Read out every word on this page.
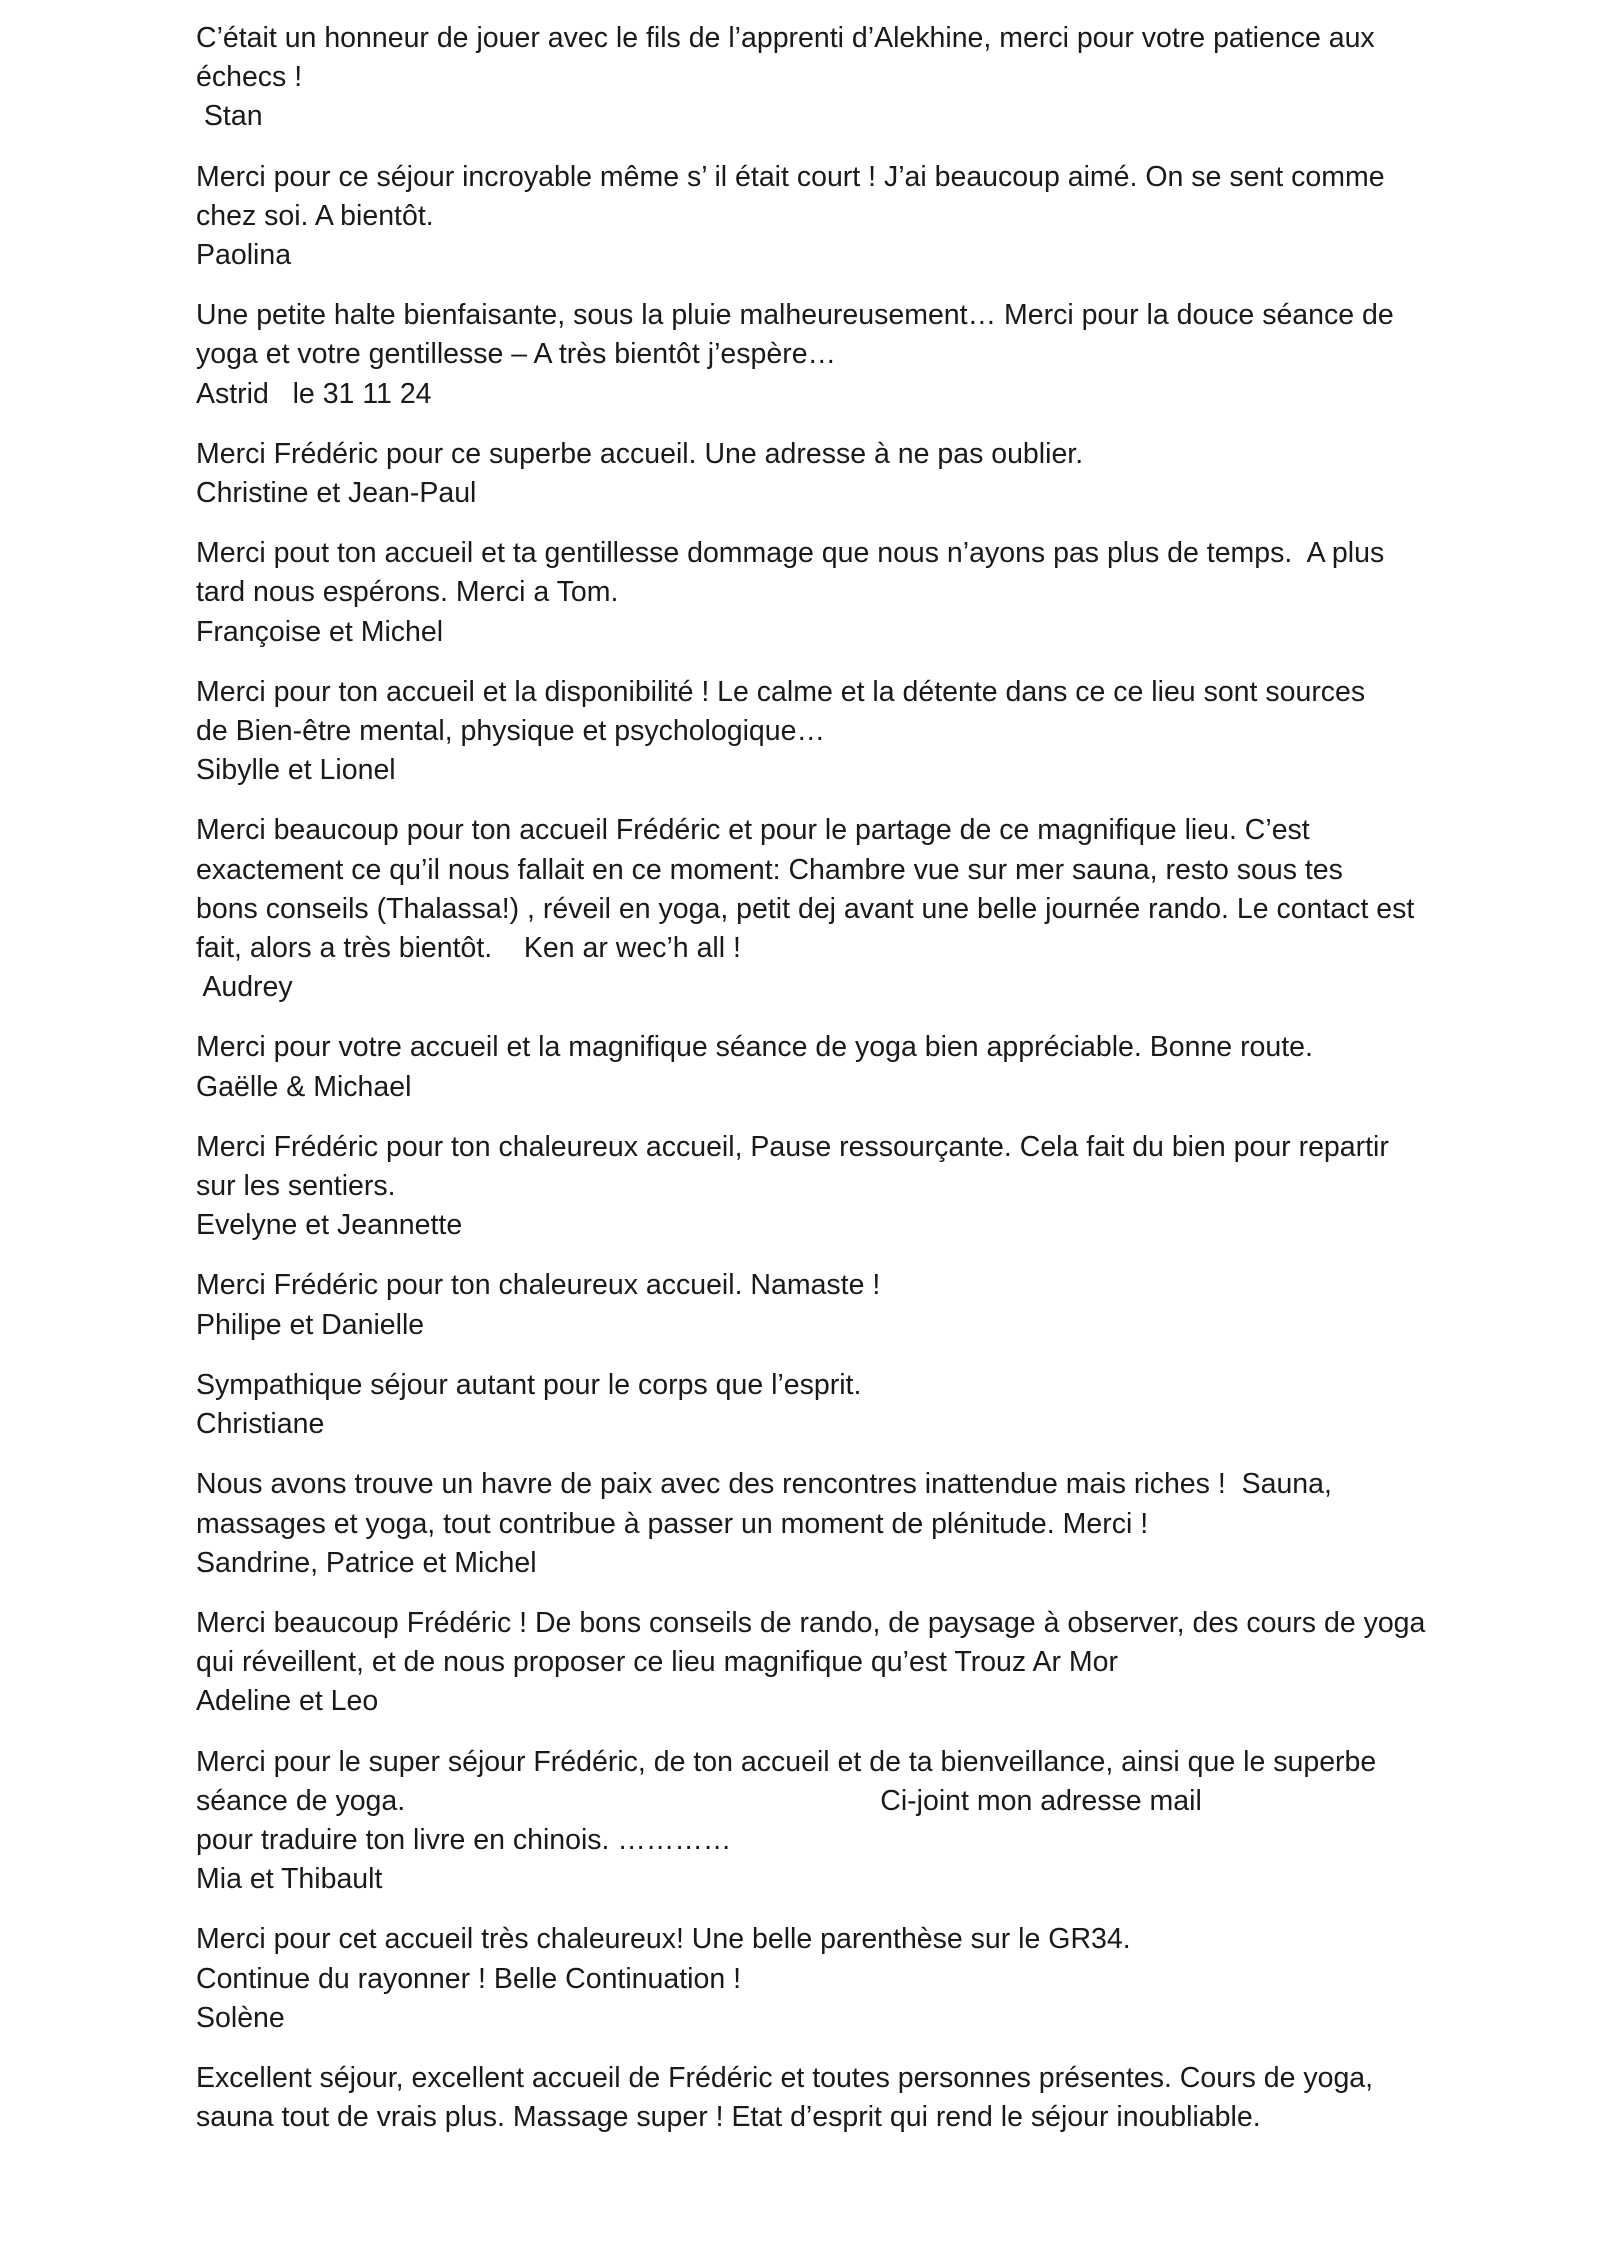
C’était un honneur de jouer avec le fils de l’apprenti d’Alekhine, merci pour votre patience aux
échecs !
Stan
Merci pour ce séjour incroyable même s’ il était court ! J’ai beaucoup aimé. On se sent comme
chez soi. A bientôt.
Paolina
Une petite halte bienfaisante, sous la pluie malheureusement… Merci pour la douce séance de
yoga et votre gentillesse – A très bientôt j’espère…
Astrid   le 31 11 24
Merci Frédéric pour ce superbe accueil. Une adresse à ne pas oublier.
Christine et Jean-Paul
Merci pout ton accueil et ta gentillesse dommage que nous n’ayons pas plus de temps.  A plus
tard nous espérons. Merci a Tom.
Françoise et Michel
Merci pour ton accueil et la disponibilité ! Le calme et la détente dans ce ce lieu sont sources
de Bien-être mental, physique et psychologique…
Sibylle et Lionel
Merci beaucoup pour ton accueil Frédéric et pour le partage de ce magnifique lieu. C’est
exactement ce qu’il nous fallait en ce moment: Chambre vue sur mer sauna, resto sous tes
bons conseils (Thalassa!) , réveil en yoga, petit dej avant une belle journée rando. Le contact est
fait, alors a très bientôt.    Ken ar wec’h all !
Audrey
Merci pour votre accueil et la magnifique séance de yoga bien appréciable. Bonne route.
Gaëlle & Michael
Merci Frédéric pour ton chaleureux accueil, Pause ressourçante. Cela fait du bien pour repartir
sur les sentiers.
Evelyne et Jeannette
Merci Frédéric pour ton chaleureux accueil. Namaste !
Philipe et Danielle
Sympathique séjour autant pour le corps que l’esprit.
Christiane
Nous avons trouve un havre de paix avec des rencontres inattendue mais riches !  Sauna,
massages et yoga, tout contribue à passer un moment de plénitude. Merci !
Sandrine, Patrice et Michel
Merci beaucoup Frédéric ! De bons conseils de rando, de paysage à observer, des cours de yoga
qui réveillent, et de nous proposer ce lieu magnifique qu’est Trouz Ar Mor
Adeline et Leo
Merci pour le super séjour Frédéric, de ton accueil et de ta bienveillance, ainsi que le superbe
séance de yoga.                                                            Ci-joint mon adresse mail
pour traduire ton livre en chinois. …………
Mia et Thibault
Merci pour cet accueil très chaleureux! Une belle parenthèse sur le GR34.
Continue du rayonner ! Belle Continuation !
Solène
Excellent séjour, excellent accueil de Frédéric et toutes personnes présentes. Cours de yoga,
sauna tout de vrais plus. Massage super ! Etat d’esprit qui rend le séjour inoubliable.
